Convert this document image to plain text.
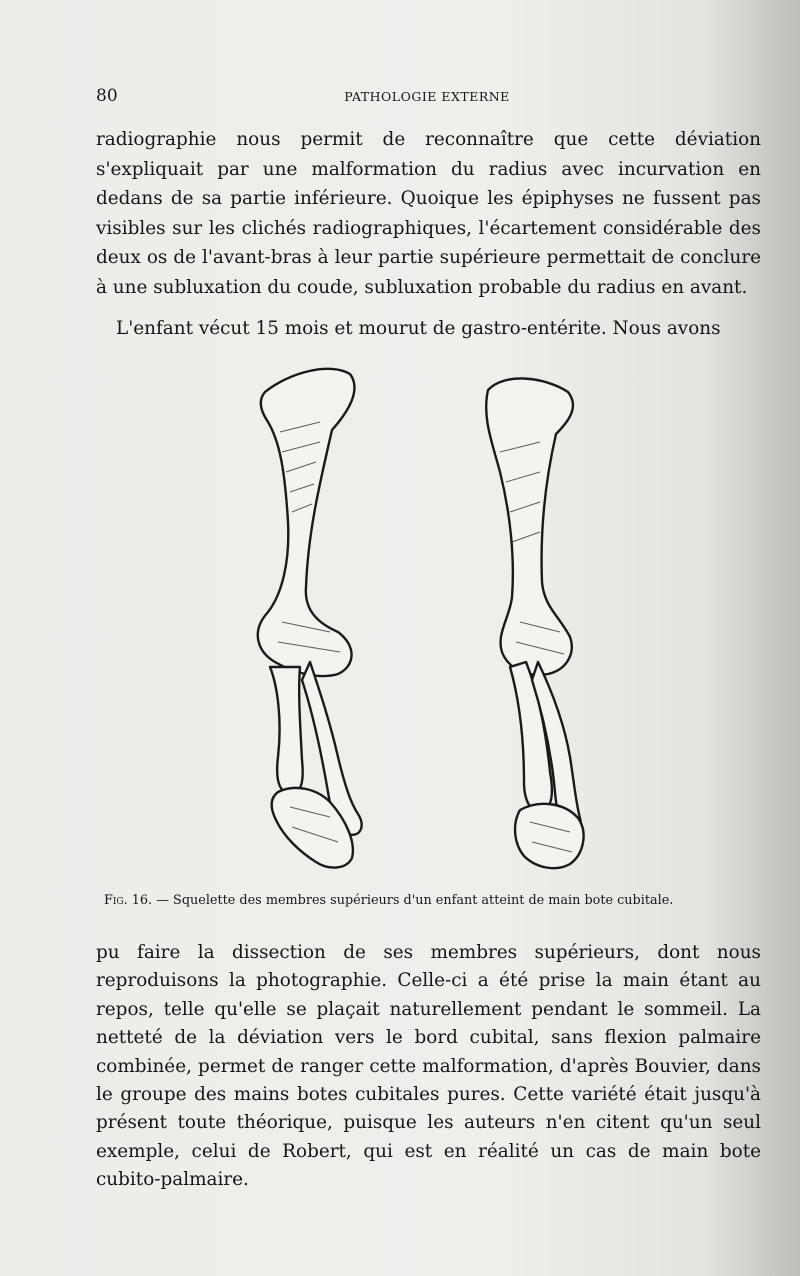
80	PATHOLOGIE EXTERNE

radiographie nous permit de reconnaître que cette déviation s'expliquait par une malformation du radius avec incurvation en dedans de sa partie inférieure. Quoique les épiphyses ne fussent pas visibles sur les clichés radiographiques, l'écartement considérable des deux os de l'avant-bras à leur partie supérieure permettait de conclure à une subluxation du coude, subluxation probable du radius en avant.

L'enfant vécut 15 mois et mourut de gastro-entérite. Nous avons

Fig. 16. — Squelette des membres supérieurs d'un enfant atteint de main bote cubitale.

pu faire la dissection de ses membres supérieurs, dont nous reproduisons la photographie. Celle-ci a été prise la main étant au repos, telle qu'elle se plaçait naturellement pendant le sommeil. La netteté de la déviation vers le bord cubital, sans flexion palmaire combinée, permet de ranger cette malformation, d'après Bouvier, dans le groupe des mains botes cubitales pures. Cette variété était jusqu'à présent toute théorique, puisque les auteurs n'en citent qu'un seul exemple, celui de Robert, qui est en réalité un cas de main bote cubito-palmaire.
